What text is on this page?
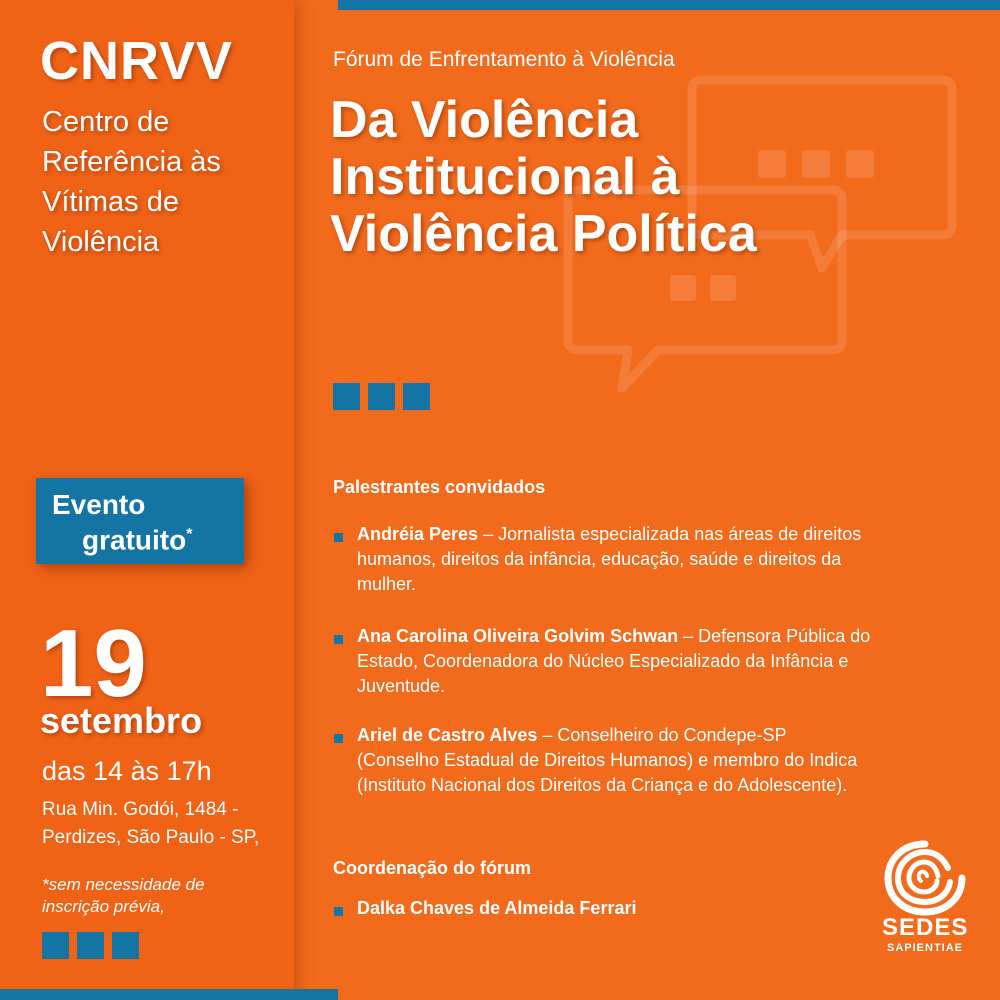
CNRVV
Centro de Referência às Vítimas de Violência
Evento
gratuito*
19
setembro
das 14 às 17h
Rua Min. Godói, 1484 - Perdizes, São Paulo - SP,
*sem necessidade de inscrição prévia,
Fórum de Enfrentamento à Violência
Da Violência Institucional à Violência Política
Palestrantes convidados
Andréia Peres – Jornalista especializada nas áreas de direitos humanos, direitos da infância, educação, saúde e direitos da mulher.
Ana Carolina Oliveira Golvim Schwan – Defensora Pública do Estado, Coordenadora do Núcleo Especializado da Infância e Juventude.
Ariel de Castro Alves – Conselheiro do Condepe-SP (Conselho Estadual de Direitos Humanos) e membro do Indica (Instituto Nacional dos Direitos da Criança e do Adolescente).
Coordenação do fórum
Dalka Chaves de Almeida Ferrari
SEDES
SAPIENTIAE
